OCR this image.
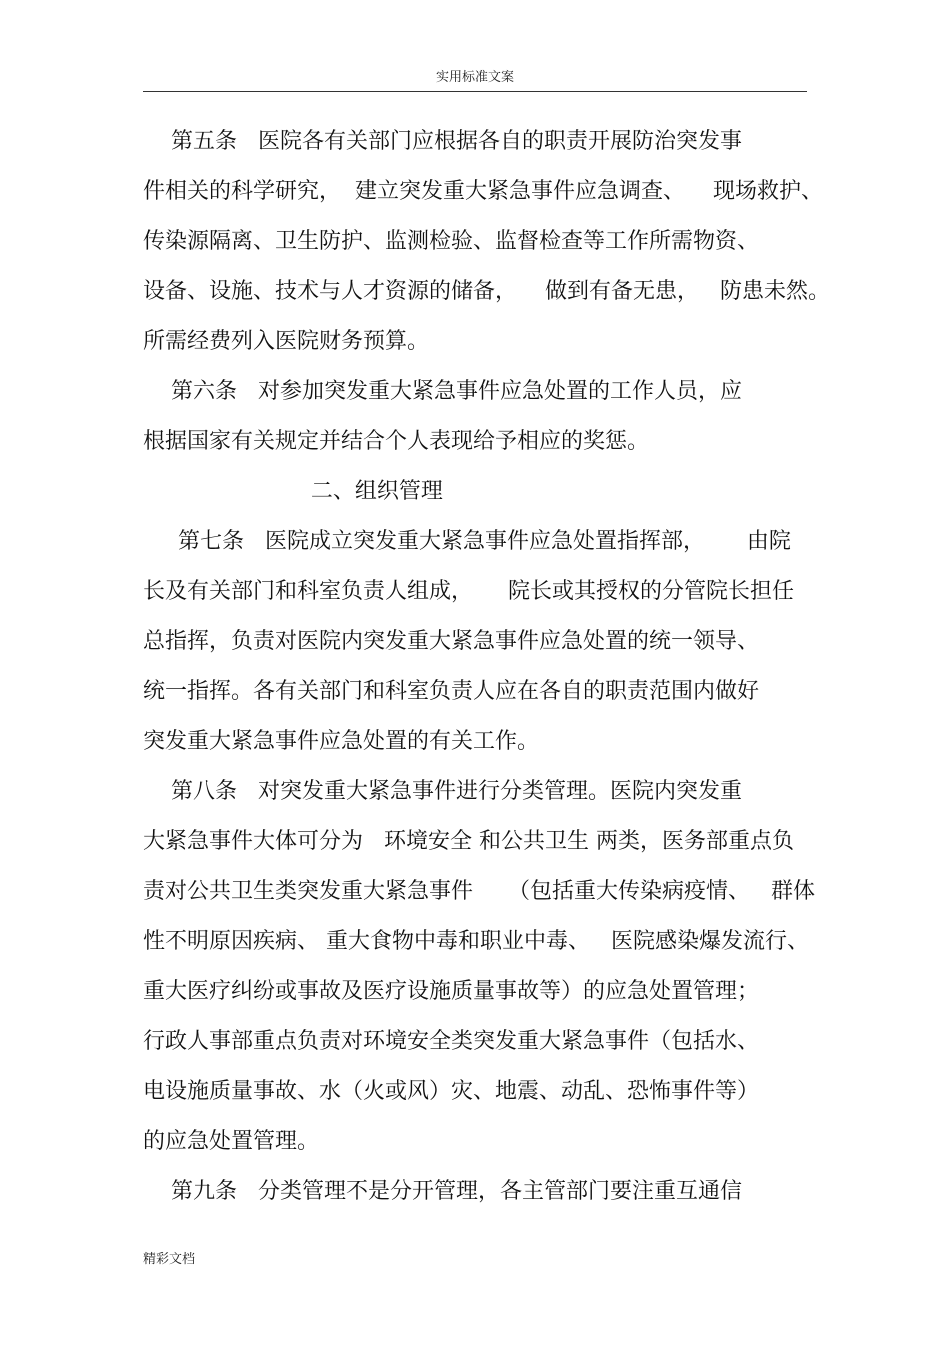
实用标准文案
第五条   医院各有关部门应根据各自的职责开展防治突发事
件相关的科学研究，  建立突发重大紧急事件应急调查、    现场救护、
传染源隔离、卫生防护、监测检验、监督检查等工作所需物资、
设备、设施、技术与人才资源的储备，    做到有备无患，   防患未然。
所需经费列入医院财务预算。
第六条   对参加突发重大紧急事件应急处置的工作人员，应
根据国家有关规定并结合个人表现给予相应的奖惩。
二、组织管理
第七条   医院成立突发重大紧急事件应急处置指挥部，      由院
长及有关部门和科室负责人组成，     院长或其授权的分管院长担任
总指挥，负责对医院内突发重大紧急事件应急处置的统一领导、
统一指挥。各有关部门和科室负责人应在各自的职责范围内做好
突发重大紧急事件应急处置的有关工作。
第八条   对突发重大紧急事件进行分类管理。医院内突发重
大紧急事件大体可分为   环境安全 和公共卫生 两类，医务部重点负
责对公共卫生类突发重大紧急事件     （包括重大传染病疫情、   群体
性不明原因疾病、 重大食物中毒和职业中毒、   医院感染爆发流行、
重大医疗纠纷或事故及医疗设施质量事故等）的应急处置管理；
行政人事部重点负责对环境安全类突发重大紧急事件（包括水、
电设施质量事故、水（火或风）灾、地震、动乱、恐怖事件等）
的应急处置管理。
第九条   分类管理不是分开管理，各主管部门要注重互通信
精彩文档
